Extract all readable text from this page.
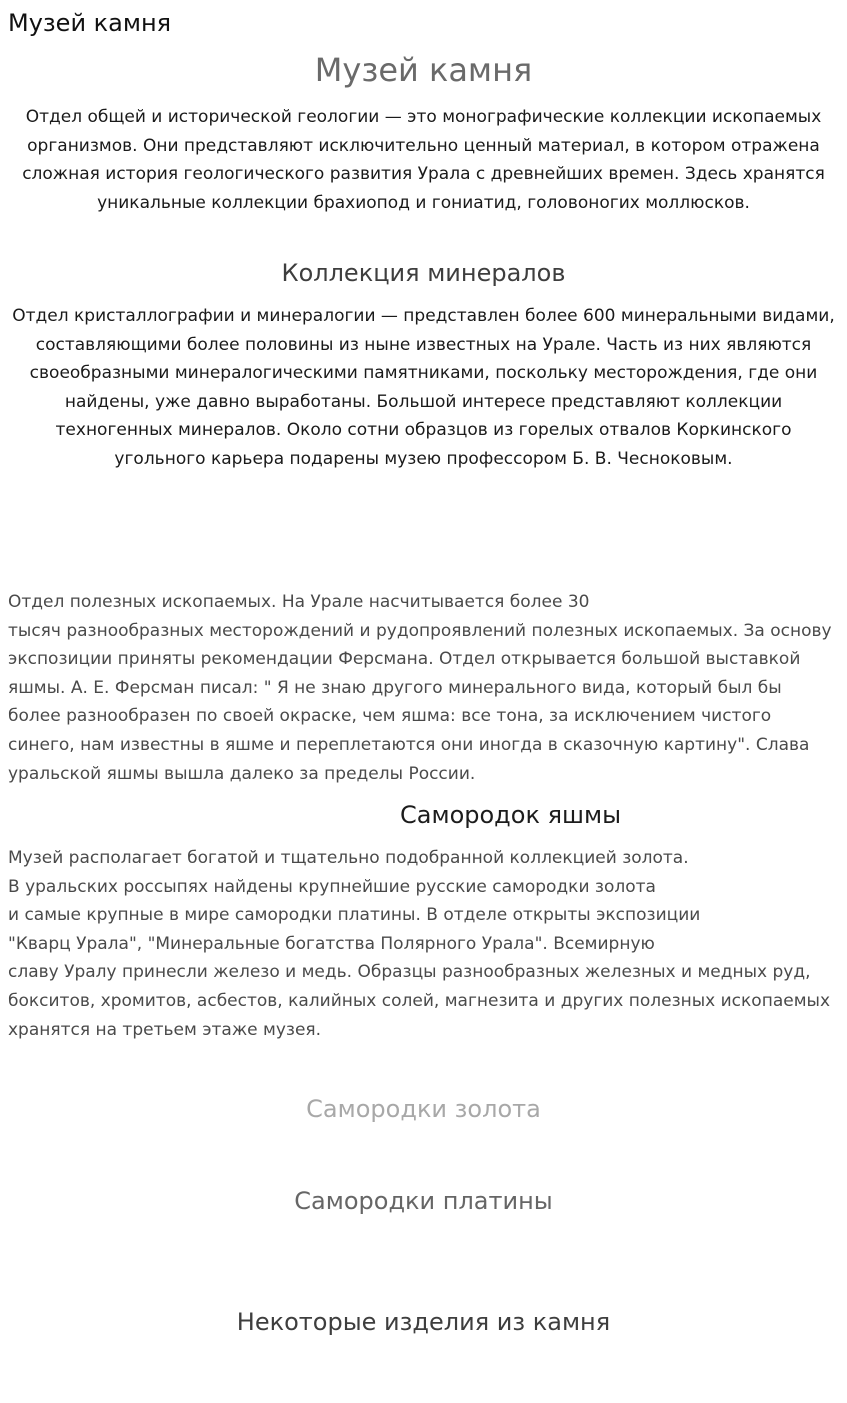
Музей камня
Музей камня

Отдел общей и исторической геологии — это монографические коллекции ископаемых организмов. Они представляют исключительно ценный материал, в котором отражена сложная история геологического развития Урала с древнейших времен. Здесь хранятся уникальные коллекции брахиопод и гониатид, головоногих моллюсков.

Коллекция минералов

Отдел кристаллографии и минералогии — представлен более 600 минеральными видами, составляющими более половины из ныне известных на Урале. Часть из них являются своеобразными минералогическими памятниками, поскольку месторождения, где они найдены, уже давно выработаны. Большой интересе представляют коллекции техногенных минералов. Около сотни образцов из горелых отвалов Коркинского угольного карьера подарены музею профессором Б. В. Чесноковым.

Отдел полезных ископаемых. На Урале насчитывается более 30
тысяч разнообразных месторождений и рудопроявлений полезных ископаемых. За основу экспозиции приняты рекомендации Ферсмана. Отдел открывается большой выставкой яшмы. А. Е. Ферсман писал: " Я не знаю другого минерального вида, который был бы более разнообразен по своей окраске, чем яшма: все тона, за исключением чистого синего, нам известны в яшме и переплетаются они иногда в сказочную картину". Слава уральской яшмы вышла далеко за пределы России.
Самородок яшмы
Музей располагает богатой и тщательно подобранной коллекцией золота.
В уральских россыпях найдены крупнейшие русские самородки золота
и самые крупные в мире самородки платины. В отделе открыты экспозиции
"Кварц Урала", "Минеральные богатства Полярного Урала". Всемирную
славу Уралу принесли железо и медь. Образцы разнообразных железных и медных руд, бокситов, хромитов, асбестов, калийных солей, магнезита и других полезных ископаемых хранятся на третьем этаже музея.
Самородки золота
Самородки платины
Некоторые изделия из камня
